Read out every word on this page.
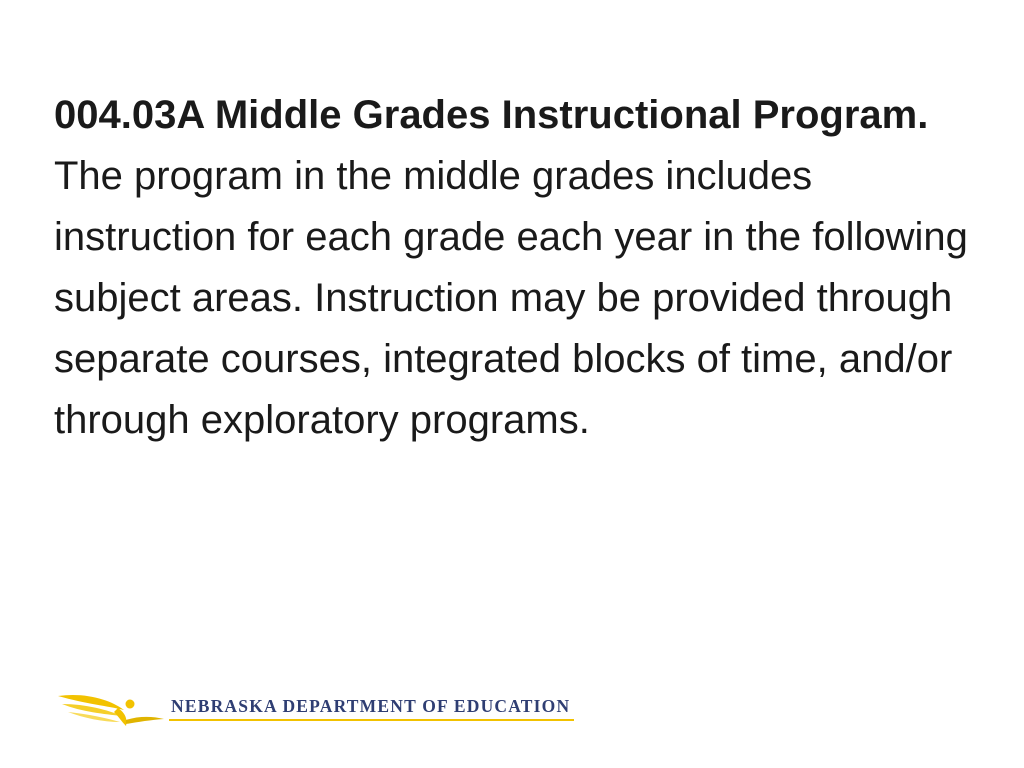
004.03A Middle Grades Instructional Program. The program in the middle grades includes instruction for each grade each year in the following subject areas. Instruction may be provided through separate courses, integrated blocks of time, and/or through exploratory programs.

NEBRASKA DEPARTMENT OF EDUCATION
